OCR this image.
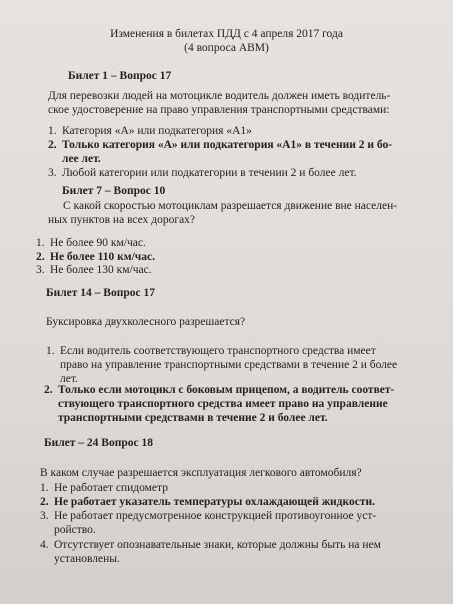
Изменения в билетах ПДД с 4 апреля 2017 года
(4 вопроса АВМ)
Билет 1 – Вопрос 17
Для перевозки людей на мотоцикле водитель должен иметь водитель-
ское удостоверение на право управления транспортными средствами:
1. Категория «А» или подкатегория «А1»
2. Только категория «А» или подкатегория «А1» в течении 2 и бо-
лее лет.
3. Любой категории или подкатегории в течении 2 и более лет.
Билет 7 – Вопрос 10
С какой скоростью мотоциклам разрешается движение вне населен-
ных пунктов на всех дорогах?
1. Не более 90 км/час.
2. Не более 110 км/час.
3. Не более 130 км/час.
Билет 14 – Вопрос 17
Буксировка двухколесного разрешается?
1. Если водитель соответствующего транспортного средства имеет
право на управление транспортными средствами в течение 2 и более
лет.
2. Только если мотоцикл с боковым прицепом, а водитель соответ-
ствующего транспортного средства имеет право на управление
транспортными средствами в течение 2 и более лет.
Билет – 24 Вопрос 18
В каком случае разрешается эксплуатация легкового автомобиля?
1. Не работает спидометр
2. Не работает указатель температуры охлаждающей жидкости.
3. Не работает предусмотренное конструкцией противоугонное уст-
ройство.
4. Отсутствует опознавательные знаки, которые должны быть на нем
установлены.
